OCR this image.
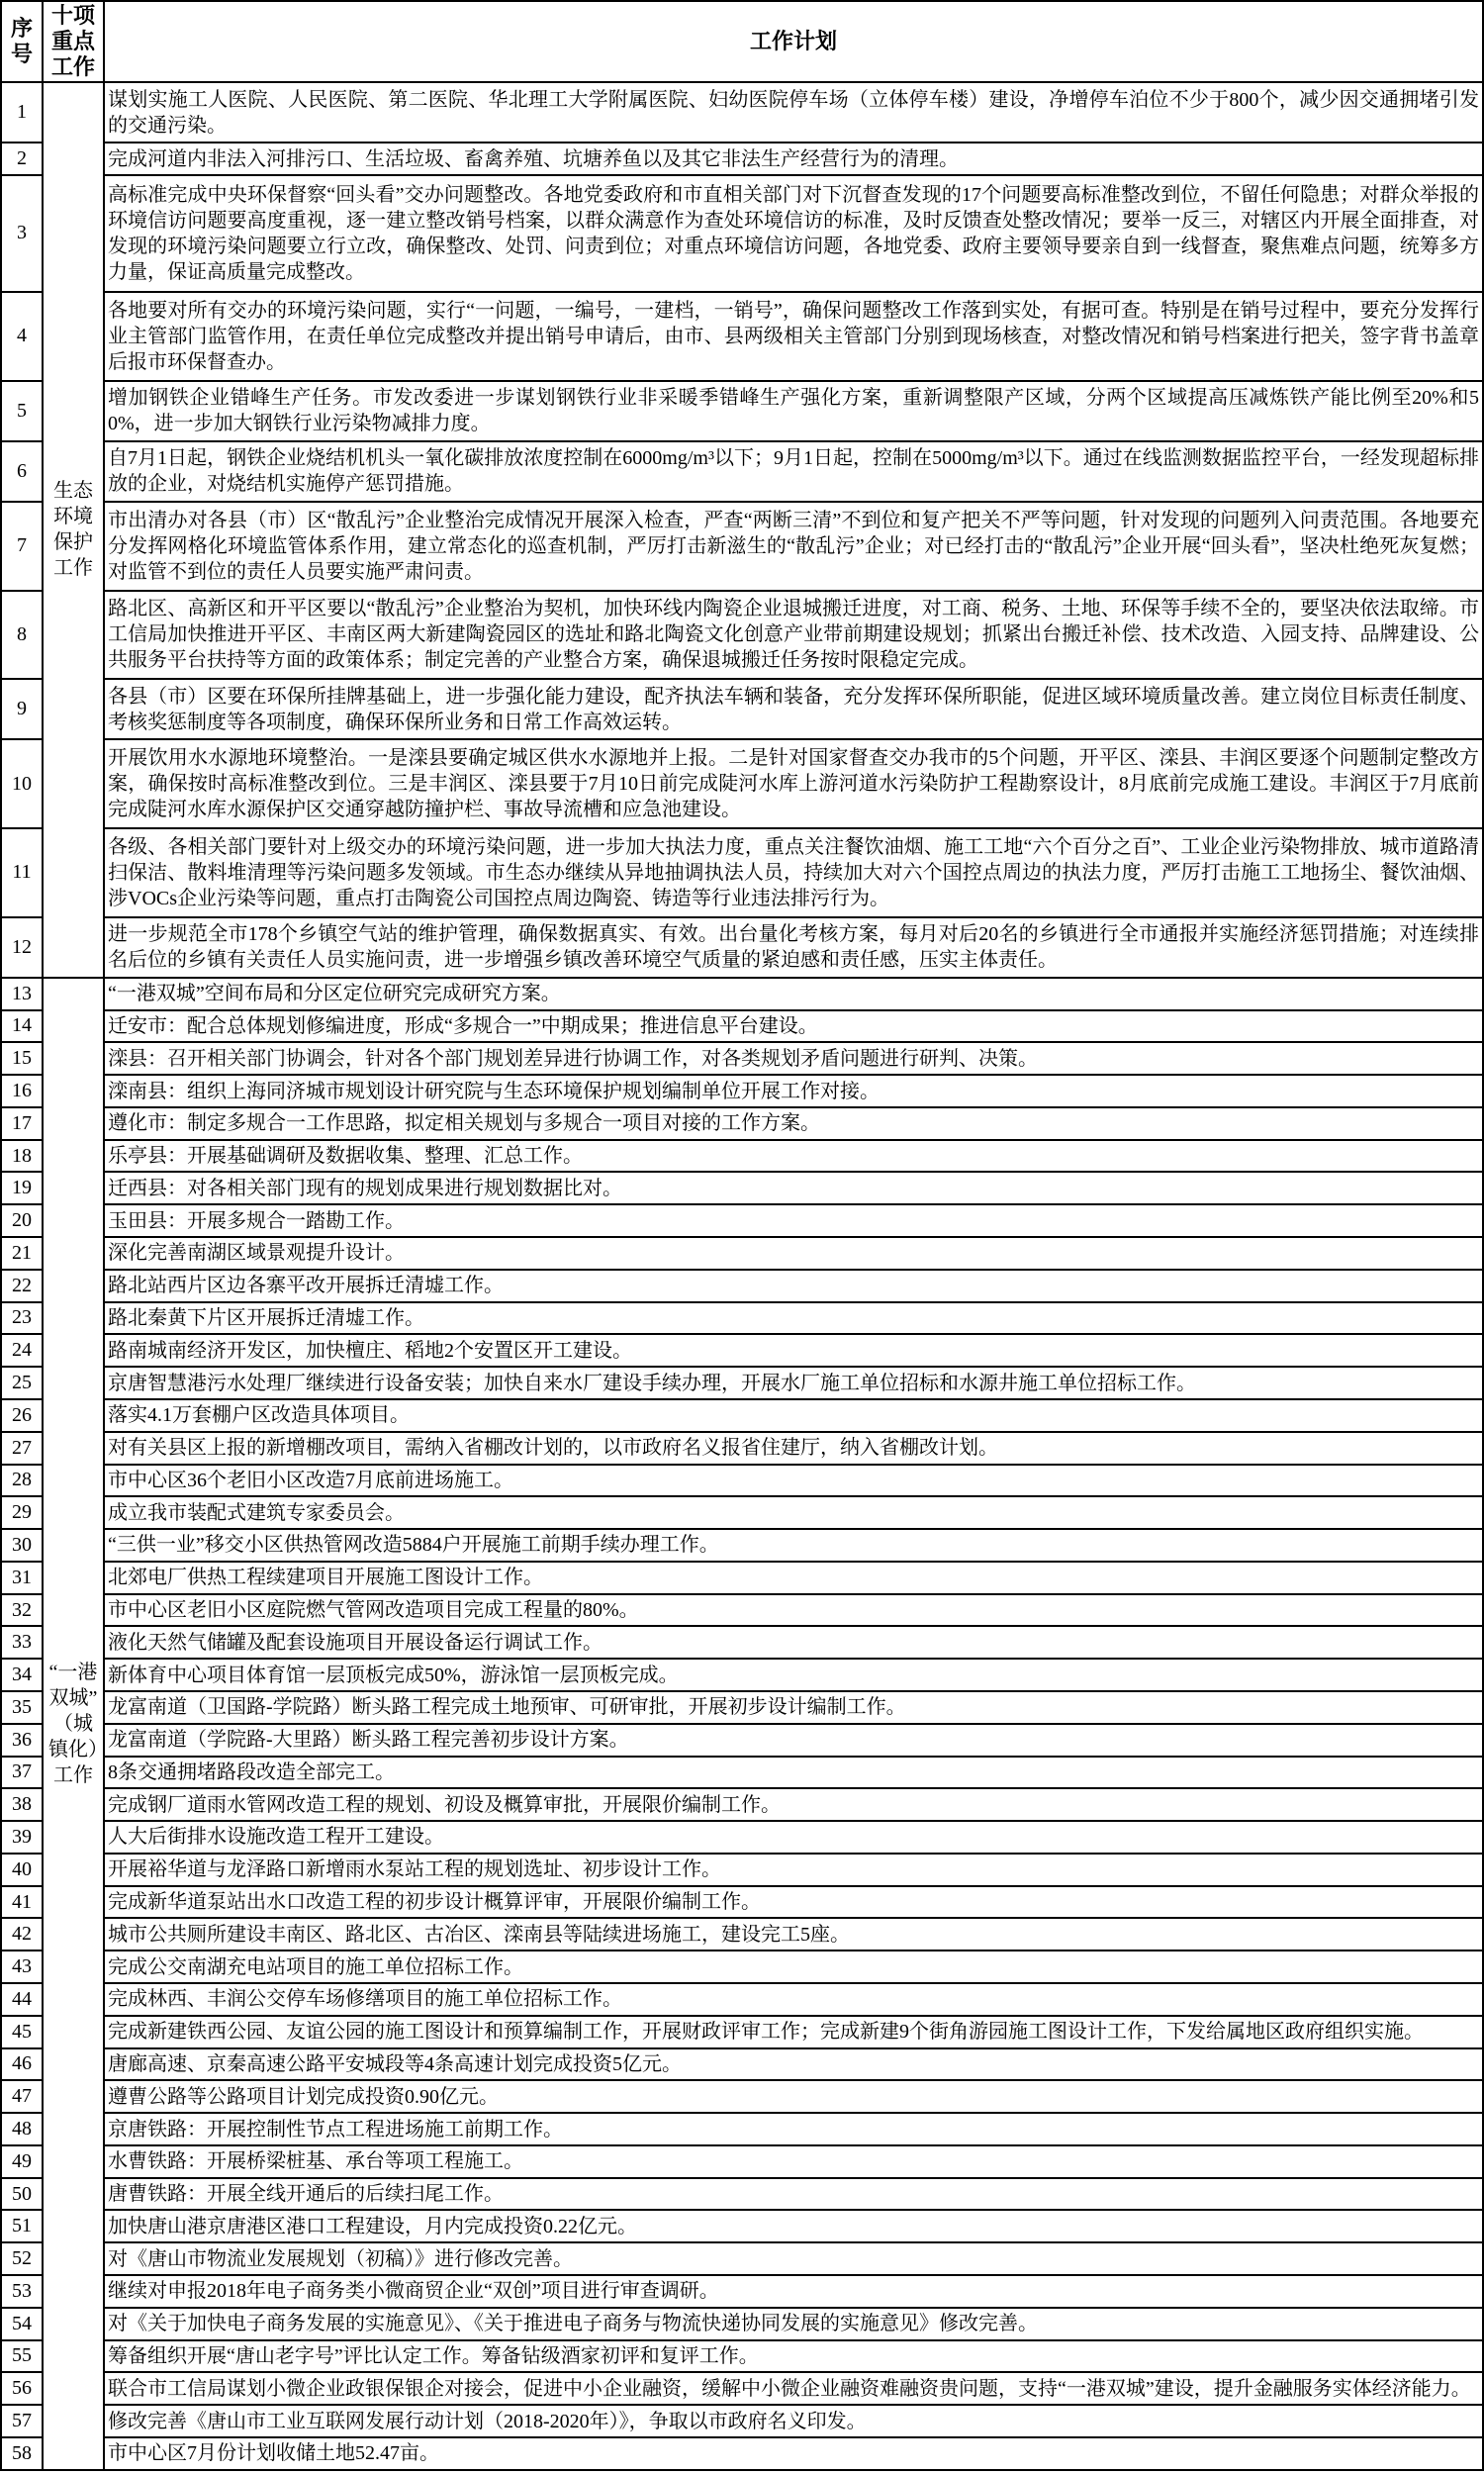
序号	十项重点工作	工作计划
1	生态环境保护工作	谋划实施工人医院、人民医院、第二医院、华北理工大学附属医院、妇幼医院停车场（立体停车楼）建设，净增停车泊位不少于800个，减少因交通拥堵引发的交通污染。
2		完成河道内非法入河排污口、生活垃圾、畜禽养殖、坑塘养鱼以及其它非法生产经营行为的清理。
3		高标准完成中央环保督察“回头看”交办问题整改。各地党委政府和市直相关部门对下沉督查发现的17个问题要高标准整改到位，不留任何隐患；对群众举报的环境信访问题要高度重视，逐一建立整改销号档案，以群众满意作为查处环境信访的标准，及时反馈查处整改情况；要举一反三，对辖区内开展全面排查，对发现的环境污染问题要立行立改，确保整改、处罚、问责到位；对重点环境信访问题，各地党委、政府主要领导要亲自到一线督查，聚焦难点问题，统筹多方力量，保证高质量完成整改。
4		各地要对所有交办的环境污染问题，实行“一问题，一编号，一建档，一销号”，确保问题整改工作落到实处，有据可查。特别是在销号过程中，要充分发挥行业主管部门监管作用，在责任单位完成整改并提出销号申请后，由市、县两级相关主管部门分别到现场核查，对整改情况和销号档案进行把关，签字背书盖章后报市环保督查办。
5		增加钢铁企业错峰生产任务。市发改委进一步谋划钢铁行业非采暖季错峰生产强化方案，重新调整限产区域，分两个区域提高压减炼铁产能比例至20%和50%，进一步加大钢铁行业污染物减排力度。
6		自7月1日起，钢铁企业烧结机机头一氧化碳排放浓度控制在6000mg/m³以下；9月1日起，控制在5000mg/m³以下。通过在线监测数据监控平台，一经发现超标排放的企业，对烧结机实施停产惩罚措施。
7		市出清办对各县（市）区“散乱污”企业整治完成情况开展深入检查，严查“两断三清”不到位和复产把关不严等问题，针对发现的问题列入问责范围。各地要充分发挥网格化环境监管体系作用，建立常态化的巡查机制，严厉打击新滋生的“散乱污”企业；对已经打击的“散乱污”企业开展“回头看”，坚决杜绝死灰复燃；对监管不到位的责任人员要实施严肃问责。
8		路北区、高新区和开平区要以“散乱污”企业整治为契机，加快环线内陶瓷企业退城搬迁进度，对工商、税务、土地、环保等手续不全的，要坚决依法取缔。市工信局加快推进开平区、丰南区两大新建陶瓷园区的选址和路北陶瓷文化创意产业带前期建设规划；抓紧出台搬迁补偿、技术改造、入园支持、品牌建设、公共服务平台扶持等方面的政策体系；制定完善的产业整合方案，确保退城搬迁任务按时限稳定完成。
9		各县（市）区要在环保所挂牌基础上，进一步强化能力建设，配齐执法车辆和装备，充分发挥环保所职能，促进区域环境质量改善。建立岗位目标责任制度、考核奖惩制度等各项制度，确保环保所业务和日常工作高效运转。
10		开展饮用水水源地环境整治。一是滦县要确定城区供水水源地并上报。二是针对国家督查交办我市的5个问题，开平区、滦县、丰润区要逐个问题制定整改方案，确保按时高标准整改到位。三是丰润区、滦县要于7月10日前完成陡河水库上游河道水污染防护工程勘察设计，8月底前完成施工建设。丰润区于7月底前完成陡河水库水源保护区交通穿越防撞护栏、事故导流槽和应急池建设。
11		各级、各相关部门要针对上级交办的环境污染问题，进一步加大执法力度，重点关注餐饮油烟、施工工地“六个百分之百”、工业企业污染物排放、城市道路清扫保洁、散料堆清理等污染问题多发领域。市生态办继续从异地抽调执法人员，持续加大对六个国控点周边的执法力度，严厉打击施工工地扬尘、餐饮油烟、涉VOCs企业污染等问题，重点打击陶瓷公司国控点周边陶瓷、铸造等行业违法排污行为。
12		进一步规范全市178个乡镇空气站的维护管理，确保数据真实、有效。出台量化考核方案，每月对后20名的乡镇进行全市通报并实施经济惩罚措施；对连续排名后位的乡镇有关责任人员实施问责，进一步增强乡镇改善环境空气质量的紧迫感和责任感，压实主体责任。
13	“一港双城”（城镇化）工作	“一港双城”空间布局和分区定位研究完成研究方案。
14		迁安市：配合总体规划修编进度，形成“多规合一”中期成果；推进信息平台建设。
15		滦县：召开相关部门协调会，针对各个部门规划差异进行协调工作，对各类规划矛盾问题进行研判、决策。
16		滦南县：组织上海同济城市规划设计研究院与生态环境保护规划编制单位开展工作对接。
17		遵化市：制定多规合一工作思路，拟定相关规划与多规合一项目对接的工作方案。
18		乐亭县：开展基础调研及数据收集、整理、汇总工作。
19		迁西县：对各相关部门现有的规划成果进行规划数据比对。
20		玉田县：开展多规合一踏勘工作。
21		深化完善南湖区域景观提升设计。
22		路北站西片区边各寨平改开展拆迁清墟工作。
23		路北秦黄下片区开展拆迁清墟工作。
24		路南城南经济开发区，加快檀庄、稻地2个安置区开工建设。
25		京唐智慧港污水处理厂继续进行设备安装；加快自来水厂建设手续办理，开展水厂施工单位招标和水源井施工单位招标工作。
26		落实4.1万套棚户区改造具体项目。
27		对有关县区上报的新增棚改项目，需纳入省棚改计划的，以市政府名义报省住建厅，纳入省棚改计划。
28		市中心区36个老旧小区改造7月底前进场施工。
29		成立我市装配式建筑专家委员会。
30		“三供一业”移交小区供热管网改造5884户开展施工前期手续办理工作。
31		北郊电厂供热工程续建项目开展施工图设计工作。
32		市中心区老旧小区庭院燃气管网改造项目完成工程量的80%。
33		液化天然气储罐及配套设施项目开展设备运行调试工作。
34		新体育中心项目体育馆一层顶板完成50%，游泳馆一层顶板完成。
35		龙富南道（卫国路-学院路）断头路工程完成土地预审、可研审批，开展初步设计编制工作。
36		龙富南道（学院路-大里路）断头路工程完善初步设计方案。
37		8条交通拥堵路段改造全部完工。
38		完成钢厂道雨水管网改造工程的规划、初设及概算审批，开展限价编制工作。
39		人大后街排水设施改造工程开工建设。
40		开展裕华道与龙泽路口新增雨水泵站工程的规划选址、初步设计工作。
41		完成新华道泵站出水口改造工程的初步设计概算评审，开展限价编制工作。
42		城市公共厕所建设丰南区、路北区、古冶区、滦南县等陆续进场施工，建设完工5座。
43		完成公交南湖充电站项目的施工单位招标工作。
44		完成林西、丰润公交停车场修缮项目的施工单位招标工作。
45		完成新建铁西公园、友谊公园的施工图设计和预算编制工作，开展财政评审工作；完成新建9个街角游园施工图设计工作，下发给属地区政府组织实施。
46		唐廊高速、京秦高速公路平安城段等4条高速计划完成投资5亿元。
47		遵曹公路等公路项目计划完成投资0.90亿元。
48		京唐铁路：开展控制性节点工程进场施工前期工作。
49		水曹铁路：开展桥梁桩基、承台等项工程施工。
50		唐曹铁路：开展全线开通后的后续扫尾工作。
51		加快唐山港京唐港区港口工程建设，月内完成投资0.22亿元。
52		对《唐山市物流业发展规划（初稿）》进行修改完善。
53		继续对申报2018年电子商务类小微商贸企业“双创”项目进行审查调研。
54		对《关于加快电子商务发展的实施意见》、《关于推进电子商务与物流快递协同发展的实施意见》修改完善。
55		筹备组织开展“唐山老字号”评比认定工作。筹备钻级酒家初评和复评工作。
56		联合市工信局谋划小微企业政银保银企对接会，促进中小企业融资，缓解中小微企业融资难融资贵问题，支持“一港双城”建设，提升金融服务实体经济能力。
57		修改完善《唐山市工业互联网发展行动计划（2018-2020年）》，争取以市政府名义印发。
58		市中心区7月份计划收储土地52.47亩。
